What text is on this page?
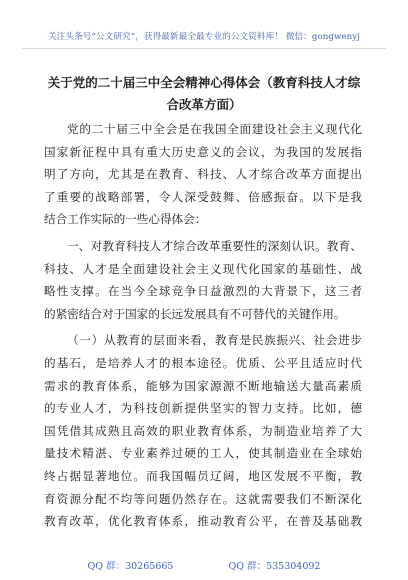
关注头条号“公文研究”，获得最新最全最专业的公文资料库！ 微信：gongwenyj
关于党的二十届三中全会精神心得体会（教育科技人才综
合改革方面）
党的二十届三中全会是在我国全面建设社会主义现代化
国家新征程中具有重大历史意义的会议，为我国的发展指
明了方向，尤其是在教育、科技、人才综合改革方面提出
了重要的战略部署，令人深受鼓舞、倍感振奋。以下是我
结合工作实际的一些心得体会：
一、对教育科技人才综合改革重要性的深刻认识。教育、
科技、人才是全面建设社会主义现代化国家的基础性、战
略性支撑。在当今全球竞争日益激烈的大背景下，这三者
的紧密结合对于国家的长远发展具有不可替代的关键作用。
（一）从教育的层面来看，教育是民族振兴、社会进步
的基石，是培养人才的根本途径。优质、公平且适应时代
需求的教育体系，能够为国家源源不断地输送大量高素质
的专业人才，为科技创新提供坚实的智力支持。比如，德
国凭借其成熟且高效的职业教育体系，为制造业培养了大
量技术精湛、专业素养过硬的工人，使其制造业在全球始
终占据显著地位。而我国幅员辽阔，地区发展不平衡，教
育资源分配不均等问题仍然存在。这就需要我们不断深化
教育改革，优化教育体系，推动教育公平，在普及基础教
QQ 群：30265665	QQ 群：535304092
